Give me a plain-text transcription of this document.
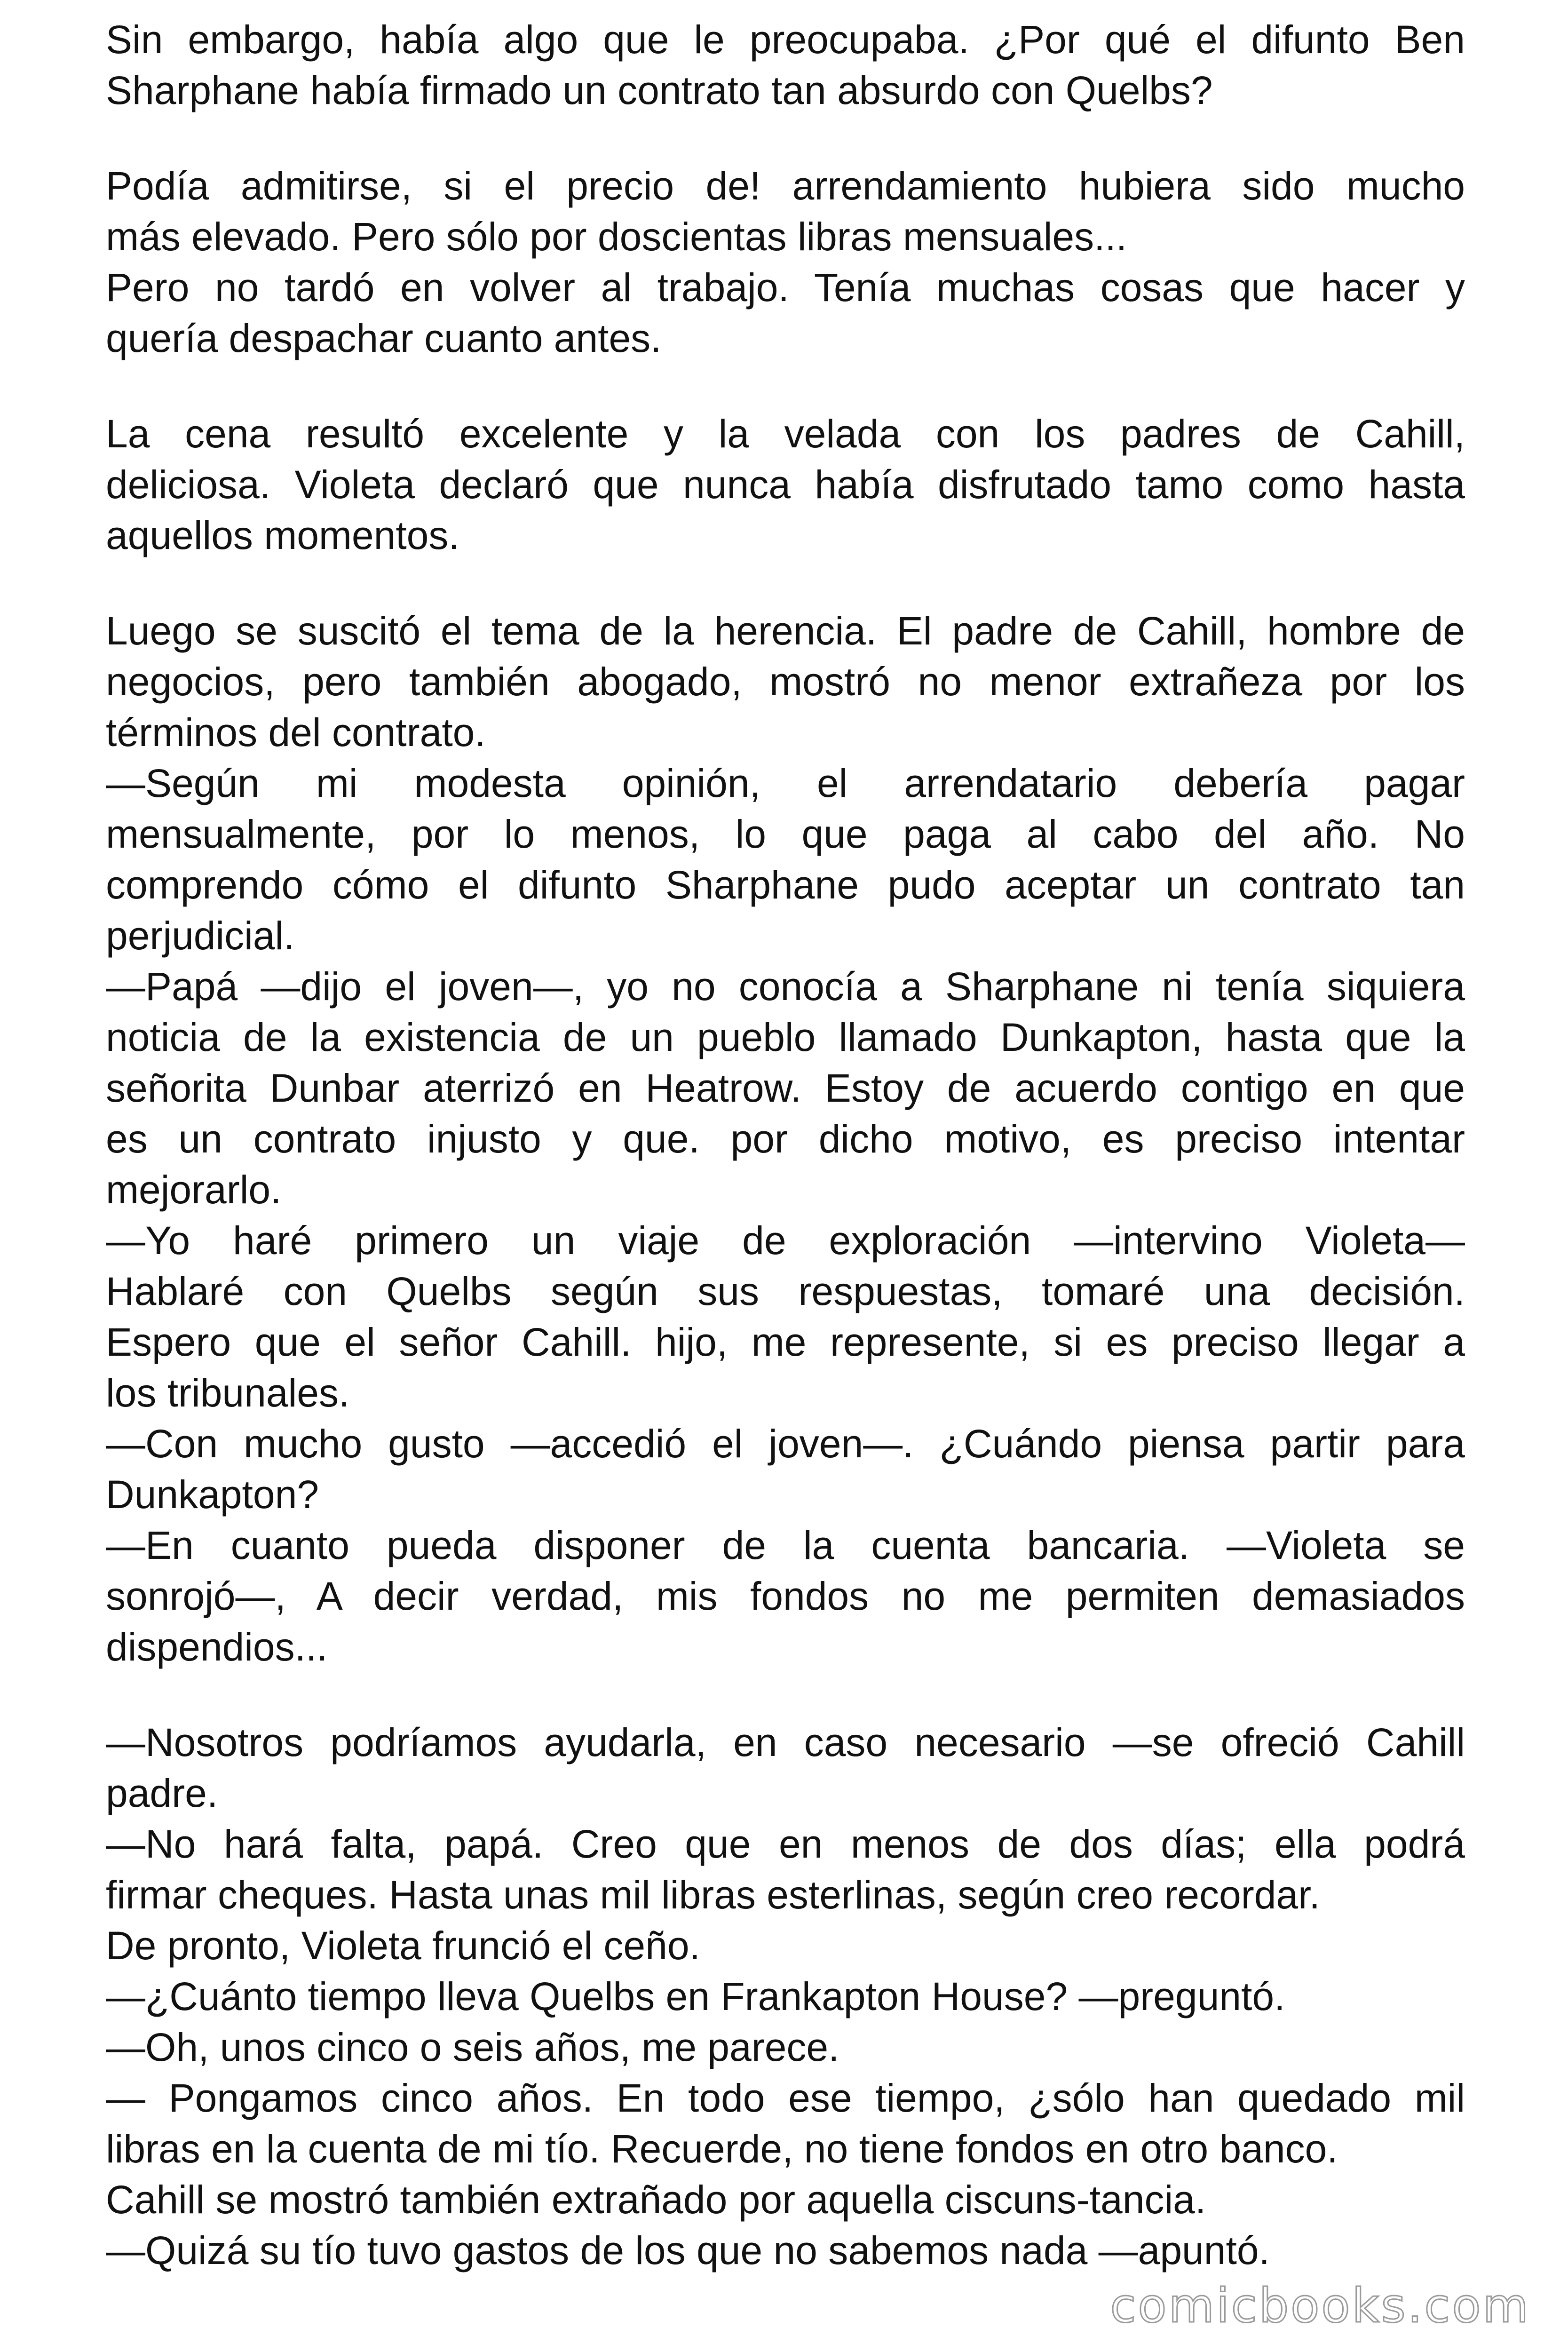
Sin embargo, había algo que le preocupaba. ¿Por qué el difunto Ben
Sharphane había firmado un contrato tan absurdo con Quelbs?
Podía admitirse, si el precio de! arrendamiento hubiera sido mucho
más elevado. Pero sólo por doscientas libras mensuales...
Pero no tardó en volver al trabajo. Tenía muchas cosas que hacer y
quería despachar cuanto antes.
La cena resultó excelente y la velada con los padres de Cahill,
deliciosa. Violeta declaró que nunca había disfrutado tamo como hasta
aquellos momentos.
Luego se suscitó el tema de la herencia. El padre de Cahill, hombre de
negocios, pero también abogado, mostró no menor extrañeza por los
términos del contrato.
—Según mi modesta opinión, el arrendatario debería pagar
mensualmente, por lo menos, lo que paga al cabo del año. No
comprendo cómo el difunto Sharphane pudo aceptar un contrato tan
perjudicial.
—Papá —dijo el joven—, yo no conocía a Sharphane ni tenía siquiera
noticia de la existencia de un pueblo llamado Dunkapton, hasta que la
señorita Dunbar aterrizó en Heatrow. Estoy de acuerdo contigo en que
es un contrato injusto y que. por dicho motivo, es preciso intentar
mejorarlo.
—Yo haré primero un viaje de exploración —intervino Violeta—
Hablaré con Quelbs según sus respuestas, tomaré una decisión.
Espero que el señor Cahill. hijo, me represente, si es preciso llegar a
los tribunales.
—Con mucho gusto —accedió el joven—. ¿Cuándo piensa partir para
Dunkapton?
—En cuanto pueda disponer de la cuenta bancaria. —Violeta se
sonrojó—, A decir verdad, mis fondos no me permiten demasiados
dispendios...
—Nosotros podríamos ayudarla, en caso necesario —se ofreció Cahill
padre.
—No hará falta, papá. Creo que en menos de dos días; ella podrá
firmar cheques. Hasta unas mil libras esterlinas, según creo recordar.
De pronto, Violeta frunció el ceño.
—¿Cuánto tiempo lleva Quelbs en Frankapton House? —preguntó.
—Oh, unos cinco o seis años, me parece.
— Pongamos cinco años. En todo ese tiempo, ¿sólo han quedado mil
libras en la cuenta de mi tío. Recuerde, no tiene fondos en otro banco.
Cahill se mostró también extrañado por aquella ciscuns-tancia.
—Quizá su tío tuvo gastos de los que no sabemos nada —apuntó.
comicbooks.com
